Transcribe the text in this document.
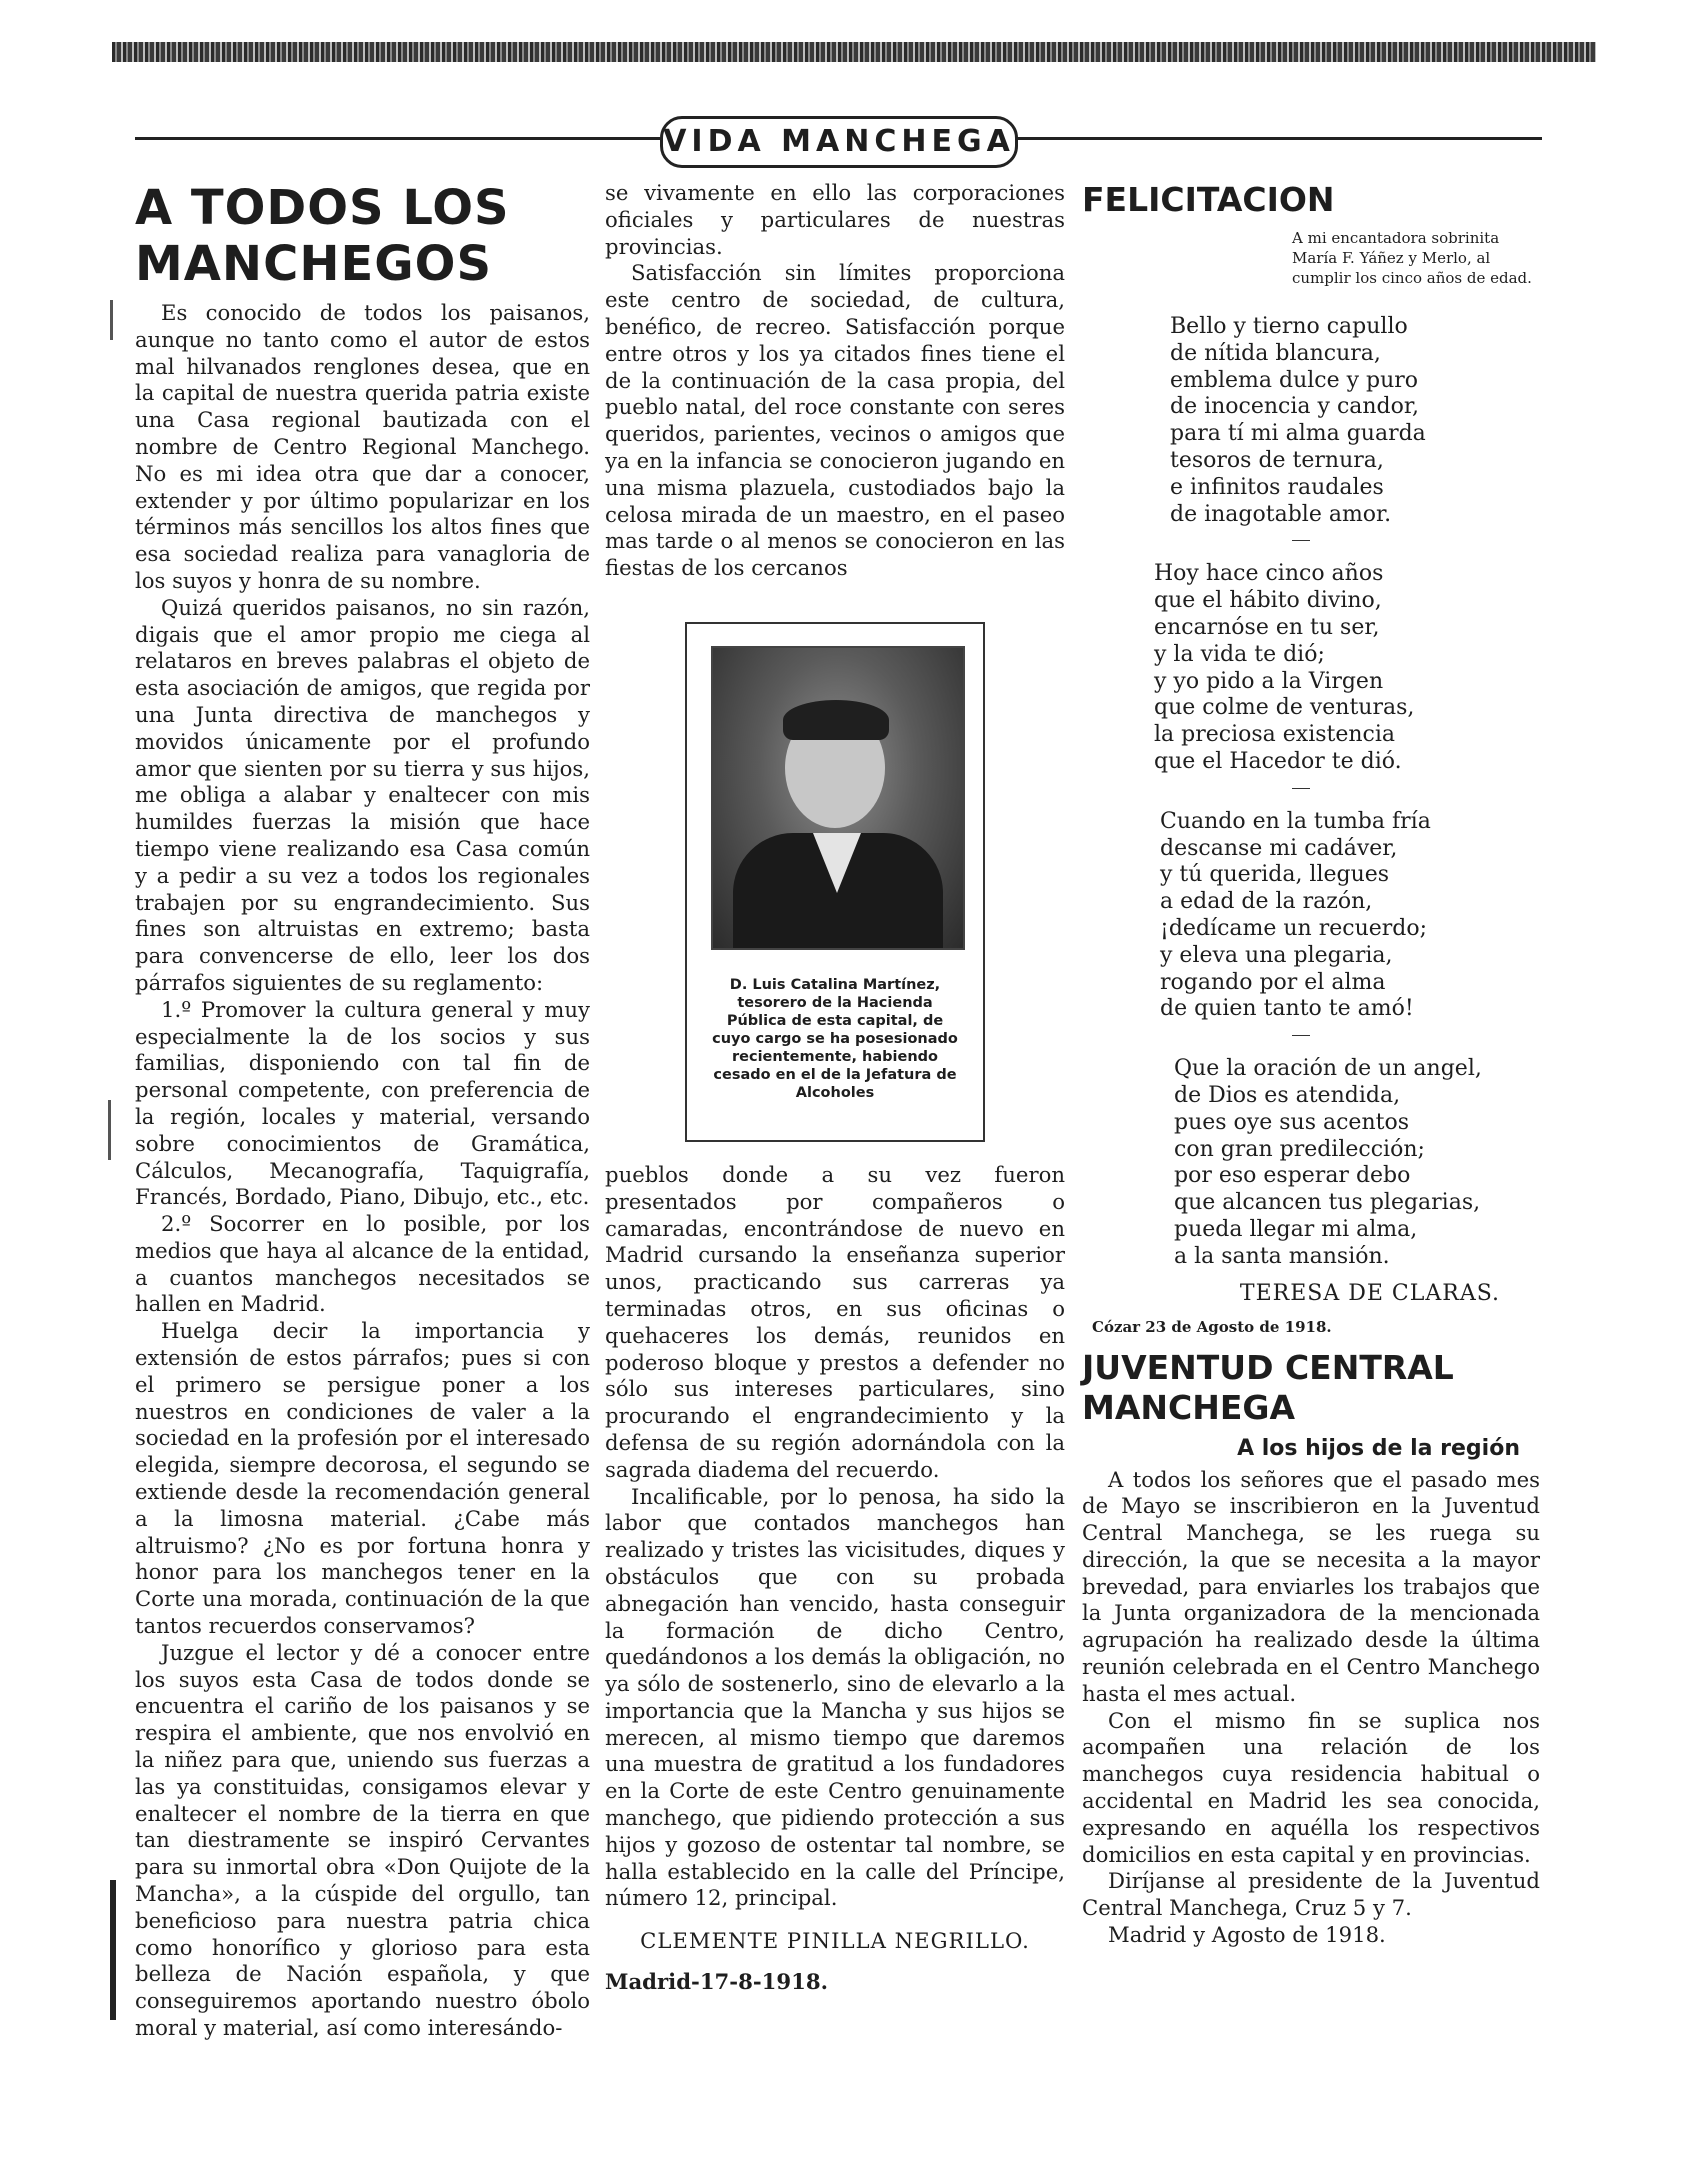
VIDA MANCHEGA
A TODOS LOS MANCHEGOS

Es conocido de todos los paisanos, aunque no tanto como el autor de estos mal hilvanados renglones desea, que en la capital de nuestra querida patria existe una Casa regional bautizada con el nombre de Centro Regional Manchego. No es mi idea otra que dar a conocer, extender y por último popularizar en los términos más sencillos los altos fines que esa sociedad realiza para vanagloria de los suyos y honra de su nombre.

Quizá queridos paisanos, no sin razón, digais que el amor propio me ciega al relataros en breves palabras el objeto de esta asociación de amigos, que regida por una Junta directiva de manchegos y movidos únicamente por el profundo amor que sienten por su tierra y sus hijos, me obliga a alabar y enaltecer con mis humildes fuerzas la misión que hace tiempo viene realizando esa Casa común y a pedir a su vez a todos los regionales trabajen por su engrandecimiento. Sus fines son altruistas en extremo; basta para convencerse de ello, leer los dos párrafos siguientes de su reglamento:

1.º Promover la cultura general y muy especialmente la de los socios y sus familias, disponiendo con tal fin de personal competente, con preferencia de la región, locales y material, versando sobre conocimientos de Gramática, Cálculos, Mecanografía, Taquigrafía, Francés, Bordado, Piano, Dibujo, etc., etc.

2.º Socorrer en lo posible, por los medios que haya al alcance de la entidad, a cuantos manchegos necesitados se hallen en Madrid.

Huelga decir la importancia y extensión de estos párrafos; pues si con el primero se persigue poner a los nuestros en condiciones de valer a la sociedad en la profesión por el interesado elegida, siempre decorosa, el segundo se extiende desde la recomendación general a la limosna material. ¿Cabe más altruismo? ¿No es por fortuna honra y honor para los manchegos tener en la Corte una morada, continuación de la que tantos recuerdos conservamos?

Juzgue el lector y dé a conocer entre los suyos esta Casa de todos donde se encuentra el cariño de los paisanos y se respira el ambiente, que nos envolvió en la niñez para que, uniendo sus fuerzas a las ya constituidas, consigamos elevar y enaltecer el nombre de la tierra en que tan diestramente se inspiró Cervantes para su inmortal obra «Don Quijote de la Mancha», a la cúspide del orgullo, tan beneficioso para nuestra patria chica como honorífico y glorioso para esta belleza de Nación española, y que conseguiremos aportando nuestro óbolo moral y material, así como interesándo-

se vivamente en ello las corporaciones oficiales y particulares de nuestras provincias.

Satisfacción sin límites proporciona este centro de sociedad, de cultura, benéfico, de recreo. Satisfacción porque entre otros y los ya citados fines tiene el de la continuación de la casa propia, del pueblo natal, del roce constante con seres queridos, parientes, vecinos o amigos que ya en la infancia se conocieron jugando en una misma plazuela, custodiados bajo la celosa mirada de un maestro, en el paseo mas tarde o al menos se conocieron en las fiestas de los cercanos

D. Luis Catalina Martínez, tesorero de la Hacienda Pública de esta capital, de cuyo cargo se ha posesionado recientemente, habiendo cesado en el de la Jefatura de Alcoholes

pueblos donde a su vez fueron presentados por compañeros o camaradas, encontrándose de nuevo en Madrid cursando la enseñanza superior unos, practicando sus carreras ya terminadas otros, en sus oficinas o quehaceres los demás, reunidos en poderoso bloque y prestos a defender no sólo sus intereses particulares, sino procurando el engrandecimiento y la defensa de su región adornándola con la sagrada diadema del recuerdo.

Incalificable, por lo penosa, ha sido la labor que contados manchegos han realizado y tristes las vicisitudes, diques y obstáculos que con su probada abnegación han vencido, hasta conseguir la formación de dicho Centro, quedándonos a los demás la obligación, no ya sólo de sostenerlo, sino de elevarlo a la importancia que la Mancha y sus hijos se merecen, al mismo tiempo que daremos una muestra de gratitud a los fundadores en la Corte de este Centro genuinamente manchego, que pidiendo protección a sus hijos y gozoso de ostentar tal nombre, se halla establecido en la calle del Príncipe, número 12, principal.

CLEMENTE PINILLA NEGRILLO.

Madrid-17-8-1918.

FELICITACION
A mi encantadora sobrinita María F. Yáñez y Merlo, al cumplir los cinco años de edad.
Bello y tierno capullo
de nítida blancura,
emblema dulce y puro
de inocencia y candor,
para tí mi alma guarda
tesoros de ternura,
e infinitos raudales
de inagotable amor.
Hoy hace cinco años
que el hábito divino,
encarnóse en tu ser,
y la vida te dió;
y yo pido a la Virgen
que colme de venturas,
la preciosa existencia
que el Hacedor te dió.
Cuando en la tumba fría
descanse mi cadáver,
y tú querida, llegues
a edad de la razón,
¡dedícame un recuerdo;
y eleva una plegaria,
rogando por el alma
de quien tanto te amó!
Que la oración de un angel,
de Dios es atendida,
pues oye sus acentos
con gran predilección;
por eso esperar debo
que alcancen tus plegarias,
pueda llegar mi alma,
a la santa mansión.
TERESA DE CLARAS.
Cózar 23 de Agosto de 1918.
JUVENTUD CENTRAL MANCHEGA
A los hijos de la región

A todos los señores que el pasado mes de Mayo se inscribieron en la Juventud Central Manchega, se les ruega su dirección, la que se necesita a la mayor brevedad, para enviarles los trabajos que la Junta organizadora de la mencionada agrupación ha realizado desde la última reunión celebrada en el Centro Manchego hasta el mes actual.

Con el mismo fin se suplica nos acompañen una relación de los manchegos cuya residencia habitual o accidental en Madrid les sea conocida, expresando en aquélla los respectivos domicilios en esta capital y en provincias.

Diríjanse al presidente de la Juventud Central Manchega, Cruz 5 y 7.

Madrid y Agosto de 1918.
